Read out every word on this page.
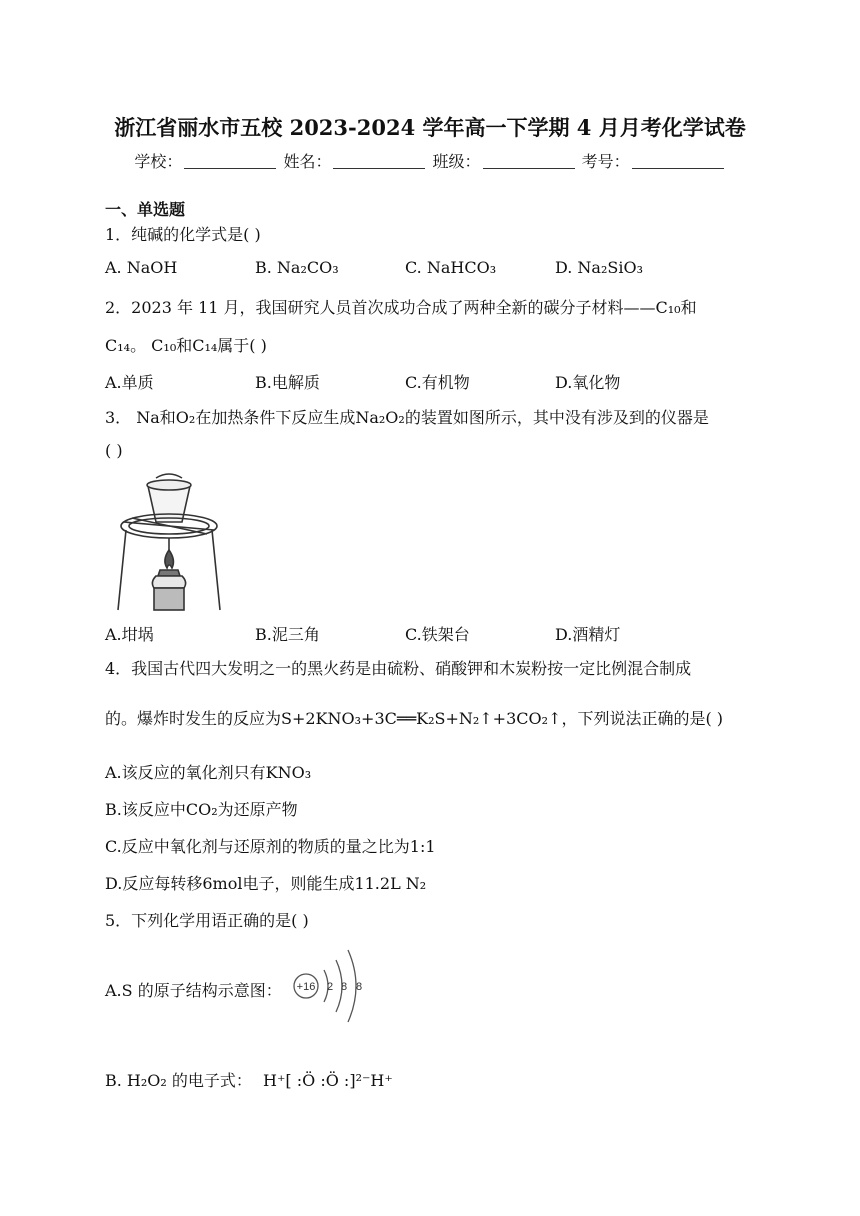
浙江省丽水市五校 2023-2024 学年高一下学期 4 月月考化学试卷
学校：	姓名：	班级：	考号：
一、单选题
1．纯碱的化学式是( )
A. NaOH	B. Na₂CO₃	C. NaHCO₃	D. Na₂SiO₃
2．2023 年 11 月，我国研究人员首次成功合成了两种全新的碳分子材料——C₁₀和
C₁₄。 C₁₀和C₁₄属于( )
A.单质	B.电解质	C.有机物	D.氧化物
3． Na和O₂在加热条件下反应生成Na₂O₂的装置如图所示，其中没有涉及到的仪器是
( )
A.坩埚	B.泥三角	C.铁架台	D.酒精灯
4．我国古代四大发明之一的黑火药是由硫粉、硝酸钾和木炭粉按一定比例混合制成
的。爆炸时发生的反应为S+2KNO₃+3C══K₂S+N₂↑+3CO₂↑，下列说法正确的是( )
A.该反应的氧化剂只有KNO₃
B.该反应中CO₂为还原产物
C.反应中氧化剂与还原剂的物质的量之比为1:1
D.反应每转移6mol电子，则能生成11.2L N₂
5．下列化学用语正确的是( )
A.S 的原子结构示意图： +16 2 8 8
B. H₂O₂ 的电子式： H⁺[ :Ö :Ö :]²⁻H⁺
